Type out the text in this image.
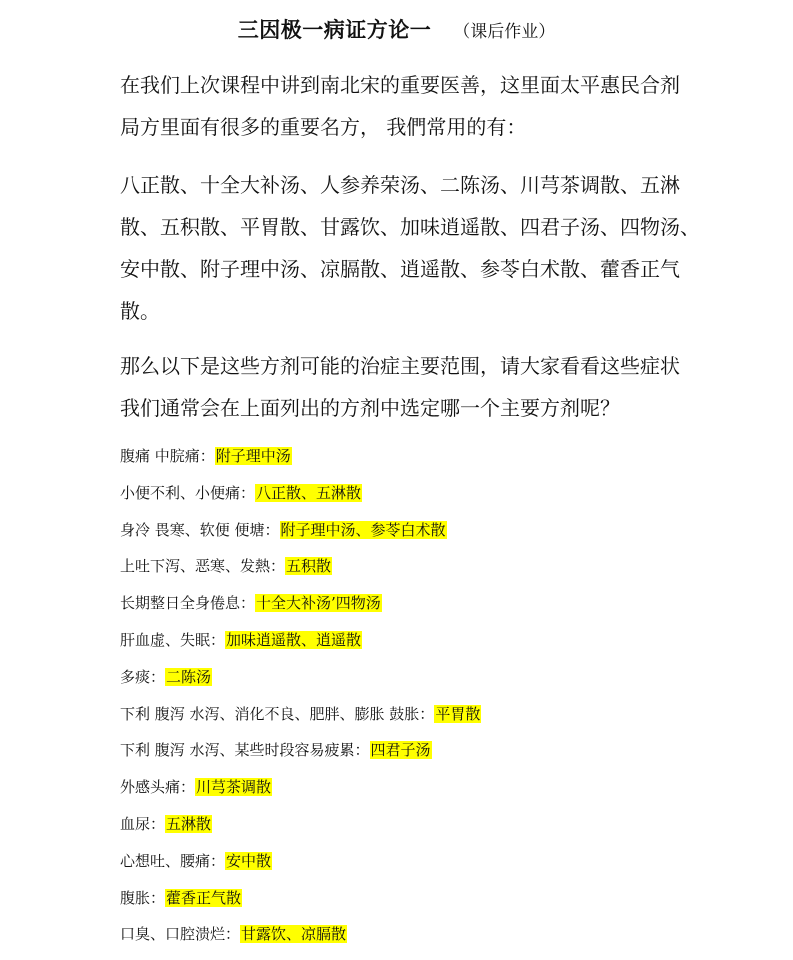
三因极一病证方论一 （课后作业）

在我们上次课程中讲到南北宋的重要医善，这里面太平惠民合剂

局方里面有很多的重要名方， 我們常用的有：

八正散、十全大补汤、人参养荣汤、二陈汤、川芎茶调散、五淋

散、五积散、平胃散、甘露饮、加味逍遥散、四君子汤、四物汤、

安中散、附子理中汤、凉膈散、逍遥散、参苓白术散、藿香正气

散。

那么以下是这些方剂可能的治症主要范围，请大家看看这些症状

我们通常会在上面列出的方剂中选定哪一个主要方剂呢？

腹痛 中脘痛：附子理中汤
小便不利、小便痛：八正散、五淋散
身冷 畏寒、软便 便塘：附子理中汤、参苓白术散
上吐下泻、恶寒、发熱：五积散
长期整日全身倦息：十全大补汤’四物汤
肝血虚、失眠：加味逍遥散、逍遥散
多痰：二陈汤
下利 腹泻 水泻、消化不良、肥胖、膨胀 鼓胀：平胃散
下利 腹泻 水泻、某些时段容易疲累：四君子汤
外感头痛：川芎茶调散
血尿：五淋散
心想吐、腰痛：安中散
腹胀：藿香正气散
口臭、口腔溃烂：甘露饮、凉膈散
